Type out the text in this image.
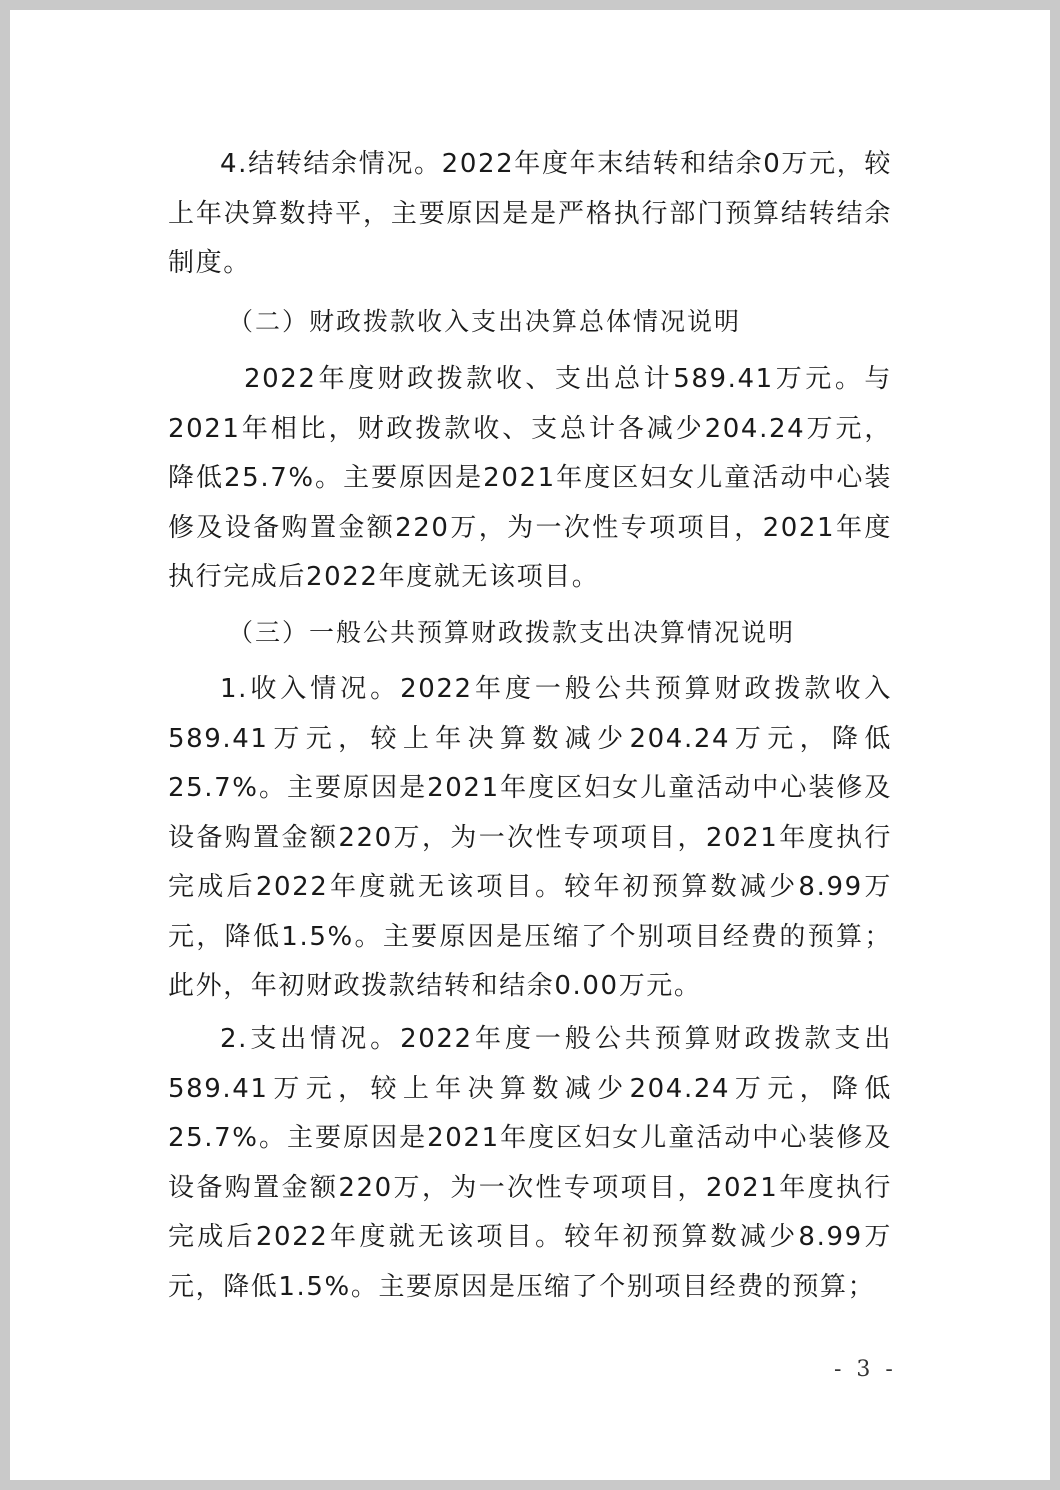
4.结转结余情况。2022年度年末结转和结余0万元，较上年决算数持平，主要原因是是严格执行部门预算结转结余制度。

（二）财政拨款收入支出决算总体情况说明

2022年度财政拨款收、支出总计589.41万元。与2021年相比，财政拨款收、支总计各减少204.24万元，降低25.7%。主要原因是2021年度区妇女儿童活动中心装修及设备购置金额220万，为一次性专项项目，2021年度执行完成后2022年度就无该项目。

（三）一般公共预算财政拨款支出决算情况说明

1.收入情况。2022年度一般公共预算财政拨款收入589.41万元，较上年决算数减少204.24万元，降低25.7%。主要原因是2021年度区妇女儿童活动中心装修及设备购置金额220万，为一次性专项项目，2021年度执行完成后2022年度就无该项目。较年初预算数减少8.99万元，降低1.5%。主要原因是压缩了个别项目经费的预算；此外，年初财政拨款结转和结余0.00万元。

2.支出情况。2022年度一般公共预算财政拨款支出589.41万元，较上年决算数减少204.24万元，降低25.7%。主要原因是2021年度区妇女儿童活动中心装修及设备购置金额220万，为一次性专项项目，2021年度执行完成后2022年度就无该项目。较年初预算数减少8.99万元，降低1.5%。主要原因是压缩了个别项目经费的预算；

- 3 -
